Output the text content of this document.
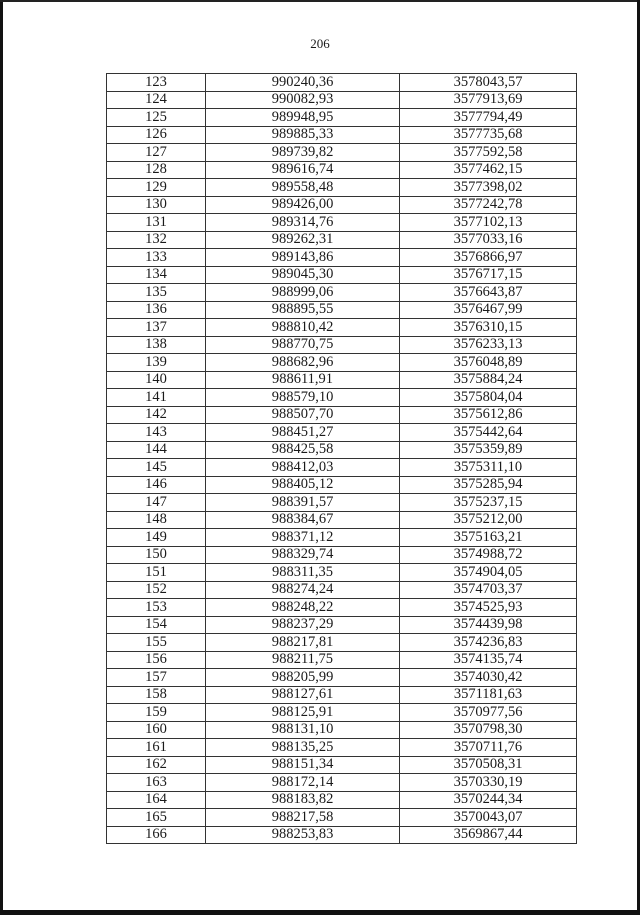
206
123	990240,36	3578043,57
124	990082,93	3577913,69
125	989948,95	3577794,49
126	989885,33	3577735,68
127	989739,82	3577592,58
128	989616,74	3577462,15
129	989558,48	3577398,02
130	989426,00	3577242,78
131	989314,76	3577102,13
132	989262,31	3577033,16
133	989143,86	3576866,97
134	989045,30	3576717,15
135	988999,06	3576643,87
136	988895,55	3576467,99
137	988810,42	3576310,15
138	988770,75	3576233,13
139	988682,96	3576048,89
140	988611,91	3575884,24
141	988579,10	3575804,04
142	988507,70	3575612,86
143	988451,27	3575442,64
144	988425,58	3575359,89
145	988412,03	3575311,10
146	988405,12	3575285,94
147	988391,57	3575237,15
148	988384,67	3575212,00
149	988371,12	3575163,21
150	988329,74	3574988,72
151	988311,35	3574904,05
152	988274,24	3574703,37
153	988248,22	3574525,93
154	988237,29	3574439,98
155	988217,81	3574236,83
156	988211,75	3574135,74
157	988205,99	3574030,42
158	988127,61	3571181,63
159	988125,91	3570977,56
160	988131,10	3570798,30
161	988135,25	3570711,76
162	988151,34	3570508,31
163	988172,14	3570330,19
164	988183,82	3570244,34
165	988217,58	3570043,07
166	988253,83	3569867,44
